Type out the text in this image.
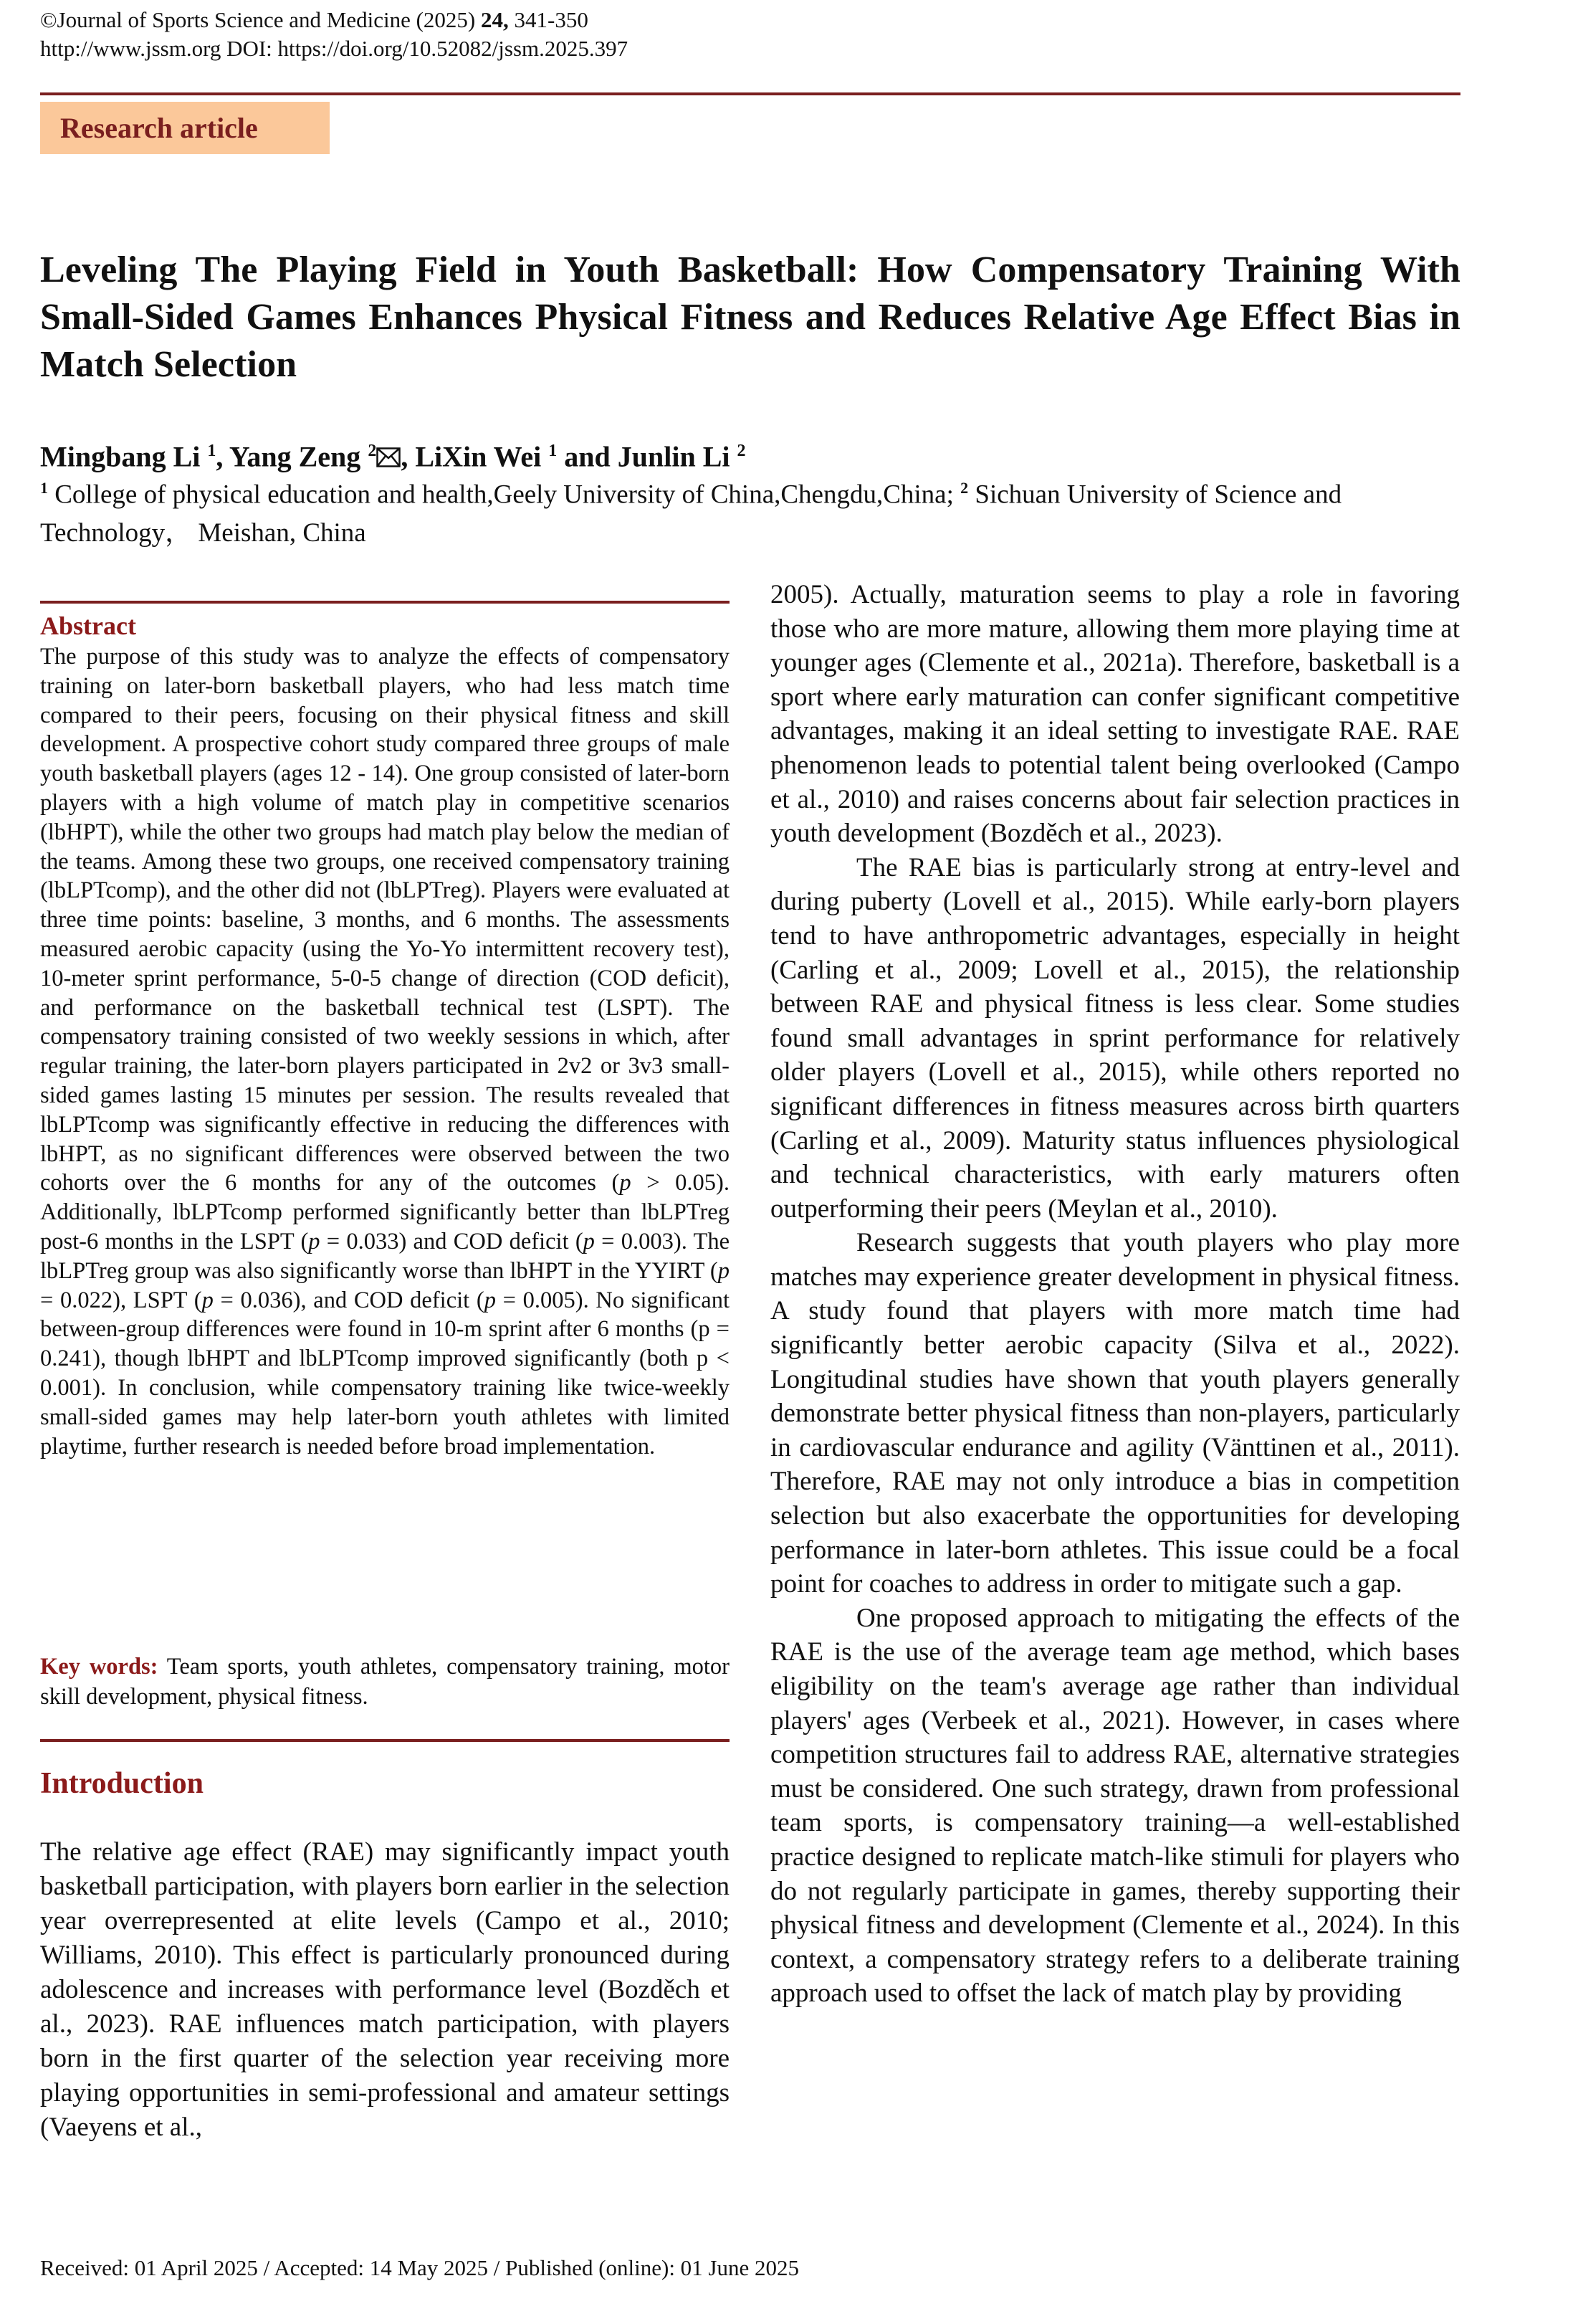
©Journal of Sports Science and Medicine (2025) 24, 341-350
http://www.jssm.org DOI: https://doi.org/10.52082/jssm.2025.397
Research article
Leveling The Playing Field in Youth Basketball: How Compensatory Training With Small-Sided Games Enhances Physical Fitness and Reduces Relative Age Effect Bias in Match Selection
Mingbang Li $^1$, Yang Zeng $^2$ , LiXin Wei $^1$ and Junlin Li $^2$
$^1$ College of physical education and health,Geely University of China,Chengdu,China; $^2$ Sichuan University of Science and Technology， Meishan, China
Abstract
The purpose of this study was to analyze the effects of compensatory training on later-born basketball players, who had less match time compared to their peers, focusing on their physical fitness and skill development. A prospective cohort study compared three groups of male youth basketball players (ages 12 - 14). One group consisted of later-born players with a high volume of match play in competitive scenarios (lbHPT), while the other two groups had match play below the median of the teams. Among these two groups, one received compensatory training (lbLPTcomp), and the other did not (lbLPTreg). Players were evaluated at three time points: baseline, 3 months, and 6 months. The assessments measured aerobic capacity (using the Yo-Yo intermittent recovery test), 10-meter sprint performance, 5-0-5 change of direction (COD deficit), and performance on the basketball technical test (LSPT). The compensatory training consisted of two weekly sessions in which, after regular training, the later-born players participated in 2v2 or 3v3 small-sided games lasting 15 minutes per session. The results revealed that lbLPTcomp was significantly effective in reducing the differences with lbHPT, as no significant differences were observed between the two cohorts over the 6 months for any of the outcomes (p > 0.05). Additionally, lbLPTcomp performed significantly better than lbLPTreg post-6 months in the LSPT (p = 0.033) and COD deficit (p = 0.003). The lbLPTreg group was also significantly worse than lbHPT in the YYIRT (p = 0.022), LSPT (p = 0.036), and COD deficit (p = 0.005). No significant between-group differences were found in 10-m sprint after 6 months (p = 0.241), though lbHPT and lbLPTcomp improved significantly (both p < 0.001). In conclusion, while compensatory training like twice-weekly small-sided games may help later-born youth athletes with limited playtime, further research is needed before broad implementation.
Key words: Team sports, youth athletes, compensatory training, motor skill development, physical fitness.
Introduction
The relative age effect (RAE) may significantly impact youth basketball participation, with players born earlier in the selection year overrepresented at elite levels (Campo et al., 2010; Williams, 2010). This effect is particularly pronounced during adolescence and increases with performance level (Bozděch et al., 2023). RAE influences match participation, with players born in the first quarter of the selection year receiving more playing opportunities in semi-professional and amateur settings (Vaeyens et al.,

2005). Actually, maturation seems to play a role in favoring those who are more mature, allowing them more playing time at younger ages (Clemente et al., 2021a). Therefore, basketball is a sport where early maturation can confer significant competitive advantages, making it an ideal setting to investigate RAE. RAE phenomenon leads to potential talent being overlooked (Campo et al., 2010) and raises concerns about fair selection practices in youth development (Bozděch et al., 2023).

The RAE bias is particularly strong at entry-level and during puberty (Lovell et al., 2015). While early-born players tend to have anthropometric advantages, especially in height (Carling et al., 2009; Lovell et al., 2015), the relationship between RAE and physical fitness is less clear. Some studies found small advantages in sprint performance for relatively older players (Lovell et al., 2015), while others reported no significant differences in fitness measures across birth quarters (Carling et al., 2009). Maturity status influences physiological and technical characteristics, with early maturers often outperforming their peers (Meylan et al., 2010).

Research suggests that youth players who play more matches may experience greater development in physical fitness. A study found that players with more match time had significantly better aerobic capacity (Silva et al., 2022). Longitudinal studies have shown that youth players generally demonstrate better physical fitness than non-players, particularly in cardiovascular endurance and agility (Vänttinen et al., 2011). Therefore, RAE may not only introduce a bias in competition selection but also exacerbate the opportunities for developing performance in later-born athletes. This issue could be a focal point for coaches to address in order to mitigate such a gap.

One proposed approach to mitigating the effects of the RAE is the use of the average team age method, which bases eligibility on the team's average age rather than individual players' ages (Verbeek et al., 2021). However, in cases where competition structures fail to address RAE, alternative strategies must be considered. One such strategy, drawn from professional team sports, is compensatory training—a well-established practice designed to replicate match-like stimuli for players who do not regularly participate in games, thereby supporting their physical fitness and development (Clemente et al., 2024). In this context, a compensatory strategy refers to a deliberate training approach used to offset the lack of match play by providing

Received: 01 April 2025 / Accepted: 14 May 2025 / Published (online): 01 June 2025
